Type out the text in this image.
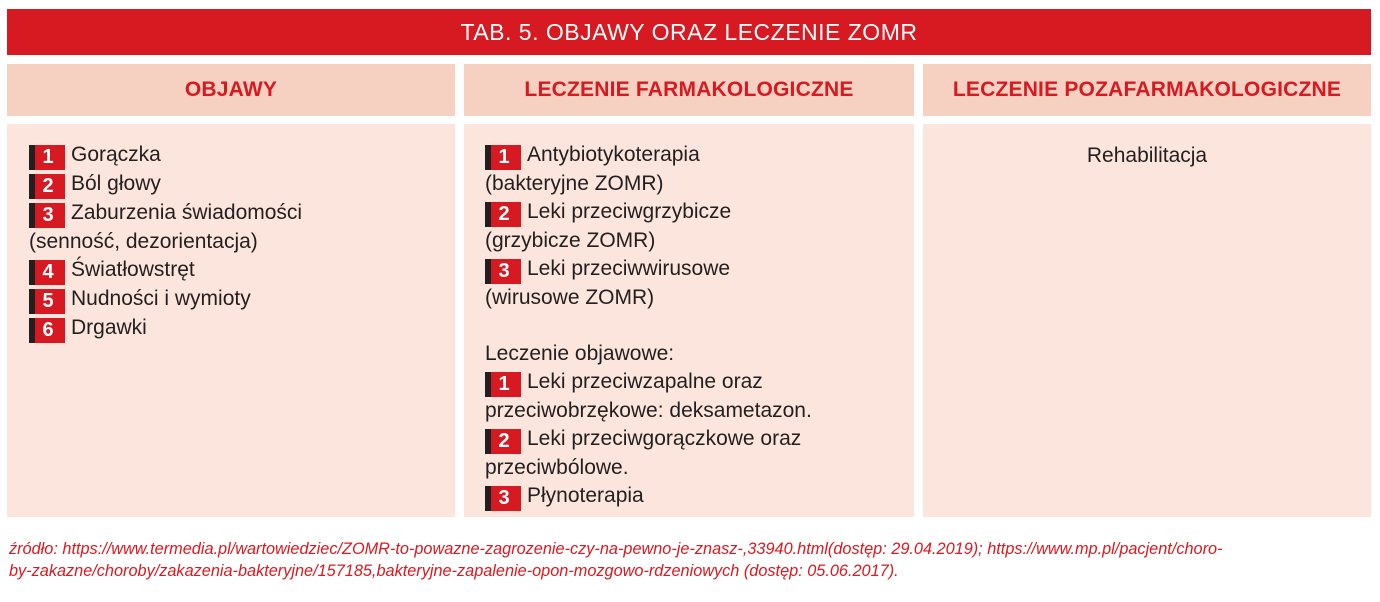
TAB. 5. OBJAWY ORAZ LECZENIE ZOMR
OBJAWY	LECZENIE FARMAKOLOGICZNE	LECZENIE POZAFARMAKOLOGICZNE
1 Gorączka
2 Ból głowy
3 Zaburzenia świadomości
(senność, dezorientacja)
4 Światłowstręt
5 Nudności i wymioty
6 Drgawki
1 Antybiotykoterapia
(bakteryjne ZOMR)
2 Leki przeciwgrzybicze
(grzybicze ZOMR)
3 Leki przeciwwirusowe
(wirusowe ZOMR)
Leczenie objawowe:
1 Leki przeciwzapalne oraz
przeciwobrzękowe: deksametazon.
2 Leki przeciwgorączkowe oraz
przeciwbólowe.
3 Płynoterapia
Rehabilitacja
źródło: https://www.termedia.pl/wartowiedziec/ZOMR-to-powazne-zagrozenie-czy-na-pewno-je-znasz-,33940.html(dostęp: 29.04.2019); https://www.mp.pl/pacjent/choro-
by-zakazne/choroby/zakazenia-bakteryjne/157185,bakteryjne-zapalenie-opon-mozgowo-rdzeniowych (dostęp: 05.06.2017).
